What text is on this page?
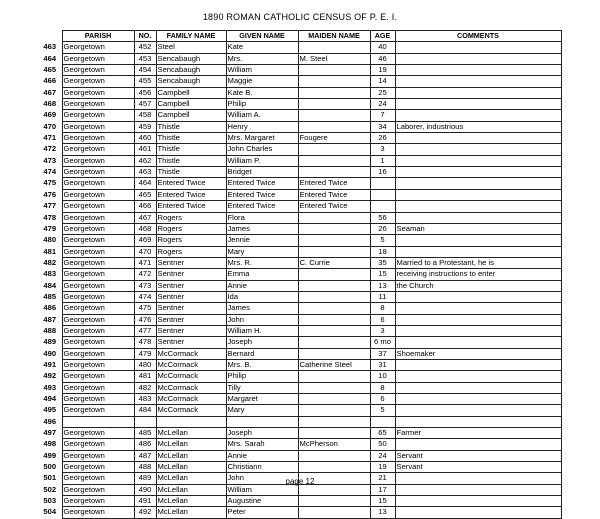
1890 ROMAN CATHOLIC CENSUS OF P. E. I.
	PARISH	NO.	FAMILY NAME	GIVEN NAME	MAIDEN NAME	AGE	COMMENTS
463	Georgetown	452	Steel	Kate		40	
464	Georgetown	453	Sencabaugh	Mrs.	M. Steel	46	
465	Georgetown	454	Sencabaugh	William		19	
466	Georgetown	455	Sencabaugh	Maggie		14	
467	Georgetown	456	Campbell	Kate B.		25	
468	Georgetown	457	Campbell	Philip		24	
469	Georgetown	458	Campbell	William A.		7	
470	Georgetown	459	Thistle	Henry		34	Laborer, industrious
471	Georgetown	460	Thistle	Mrs. Margaret	Fougere	26	
472	Georgetown	461	Thistle	John Charles		3	
473	Georgetown	462	Thistle	William P.		1	
474	Georgetown	463	Thistle	Bridget		16	
475	Georgetown	464	Entered Twice	Entered Twice	Entered Twice		
476	Georgetown	465	Entered Twice	Entered Twice	Entered Twice		
477	Georgetown	466	Entered Twice	Entered Twice	Entered Twice		
478	Georgetown	467	Rogers	Flora		56	
479	Georgetown	468	Rogers	James		26	Seaman
480	Georgetown	469	Rogers	Jennie		5	
481	Georgetown	470	Rogers	Mary		18	
482	Georgetown	471	Sentner	Mrs. R.	C. Currie	35	Married to a Protestant, he is
483	Georgetown	472	Sentner	Emma		15	receiving instructions to enter
484	Georgetown	473	Sentner	Annie		13	the Church
485	Georgetown	474	Sentner	Ida		11	
486	Georgetown	475	Sentner	James		8	
487	Georgetown	476	Sentner	John		6	
488	Georgetown	477	Sentner	William H.		3	
489	Georgetown	478	Sentner	Joseph		6 mo	
490	Georgetown	479	McCormack	Bernard		37	Shoemaker
491	Georgetown	480	McCormack	Mrs. B.	Catherine Steel	31	
492	Georgetown	481	McCormack	Philip		10	
493	Georgetown	482	McCormack	Tilly		8	
494	Georgetown	483	McCormack	Margaret		6	
495	Georgetown	484	McCormack	Mary		5	
496							
497	Georgetown	485	McLellan	Joseph		65	Farmer
498	Georgetown	486	McLellan	Mrs. Sarah	McPherson	50	
499	Georgetown	487	McLellan	Annie		24	Servant
500	Georgetown	488	McLellan	Christiann		19	Servant
501	Georgetown	489	McLellan	John		21	
502	Georgetown	490	McLellan	William		17	
503	Georgetown	491	McLellan	Augustine		15	
504	Georgetown	492	McLellan	Peter		13	
page 12
